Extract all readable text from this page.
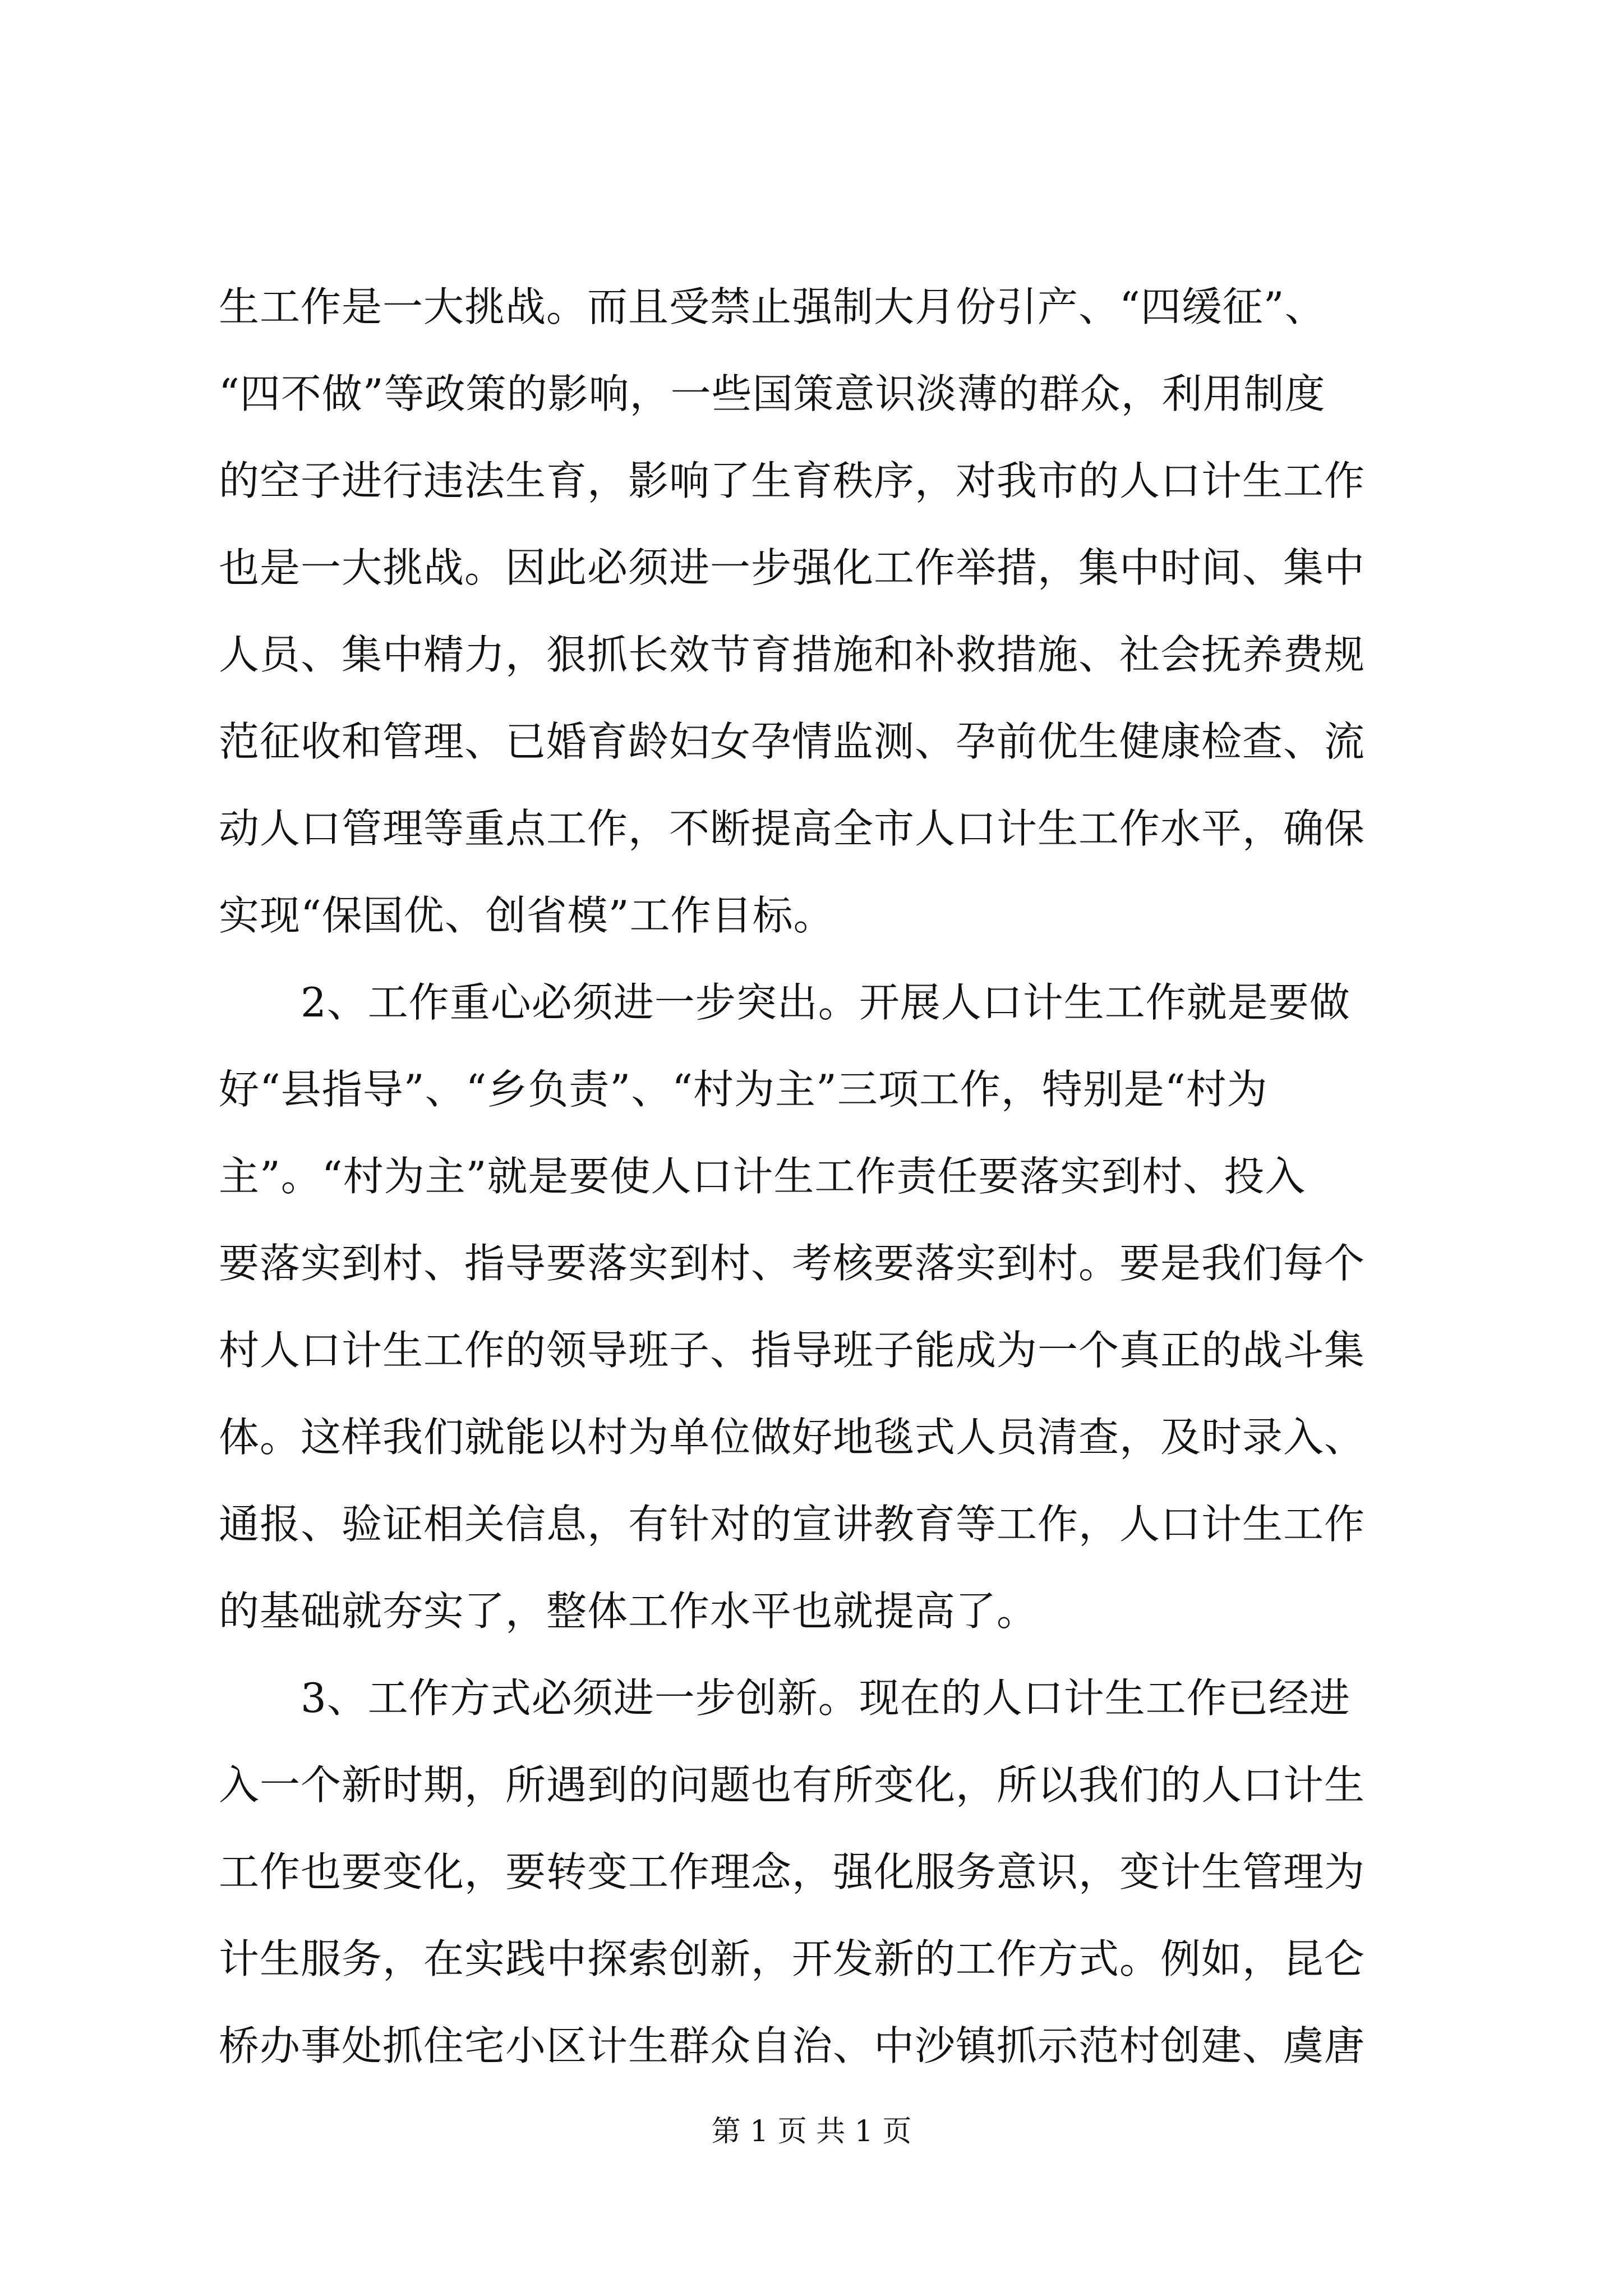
生工作是一大挑战。而且受禁止强制大月份引产、“四缓征”、
“四不做”等政策的影响，一些国策意识淡薄的群众，利用制度
的空子进行违法生育，影响了生育秩序，对我市的人口计生工作
也是一大挑战。因此必须进一步强化工作举措，集中时间、集中
人员、集中精力，狠抓长效节育措施和补救措施、社会抚养费规
范征收和管理、已婚育龄妇女孕情监测、孕前优生健康检查、流
动人口管理等重点工作，不断提高全市人口计生工作水平，确保
实现“保国优、创省模”工作目标。
　　2、工作重心必须进一步突出。开展人口计生工作就是要做
好“县指导”、“乡负责”、“村为主”三项工作，特别是“村为
主”。“村为主”就是要使人口计生工作责任要落实到村、投入
要落实到村、指导要落实到村、考核要落实到村。要是我们每个
村人口计生工作的领导班子、指导班子能成为一个真正的战斗集
体。这样我们就能以村为单位做好地毯式人员清查，及时录入、
通报、验证相关信息，有针对的宣讲教育等工作，人口计生工作
的基础就夯实了，整体工作水平也就提高了。
　　3、工作方式必须进一步创新。现在的人口计生工作已经进
入一个新时期，所遇到的问题也有所变化，所以我们的人口计生
工作也要变化，要转变工作理念，强化服务意识，变计生管理为
计生服务，在实践中探索创新，开发新的工作方式。例如，昆仑
桥办事处抓住宅小区计生群众自治、中沙镇抓示范村创建、虞唐
第 1 页 共 1 页
